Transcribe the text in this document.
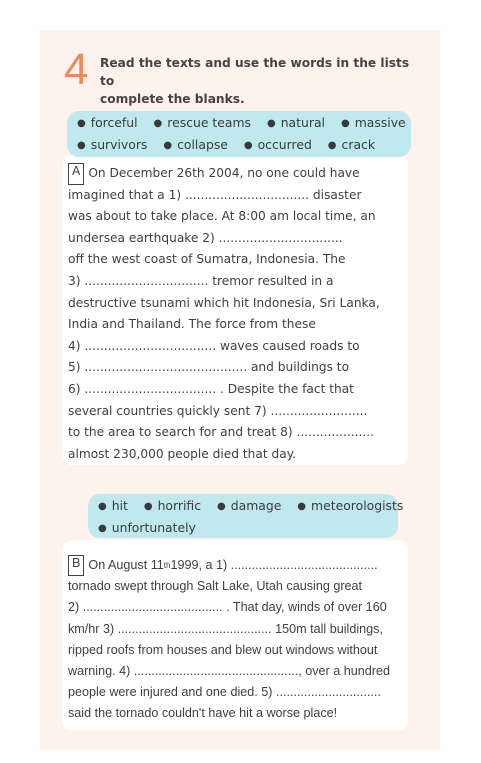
4 Read the texts and use the words in the lists to
complete the blanks.
● forceful ● rescue teams ● natural ● massive
● survivors ● collapse ● occurred ● crack
A On December 26th 2004, no one could have
imagined that a 1) ................................ disaster
was about to take place. At 8:00 am local time, an
undersea earthquake 2) ................................
off the west coast of Sumatra, Indonesia. The
3) ................................ tremor resulted in a
destructive tsunami which hit Indonesia, Sri Lanka,
India and Thailand. The force from these
4) .................................. waves caused roads to
5) .......................................... and buildings to
6) .................................. . Despite the fact that
several countries quickly sent 7) .........................
to the area to search for and treat 8) ....................
almost 230,000 people died that day.
● hit ● horrific ● damage ● meteorologists
● unfortunately
B On August 11 th 1999, a 1) ..........................................
tornado swept through Salt Lake, Utah causing great
2) ........................................ . That day, winds of over 160
km/hr 3) ............................................ 150m tall buildings,
ripped roofs from houses and blew out windows without
warning. 4) ..............................................., over a hundred
people were injured and one died. 5) ..............................
said the tornado couldn't have hit a worse place!
